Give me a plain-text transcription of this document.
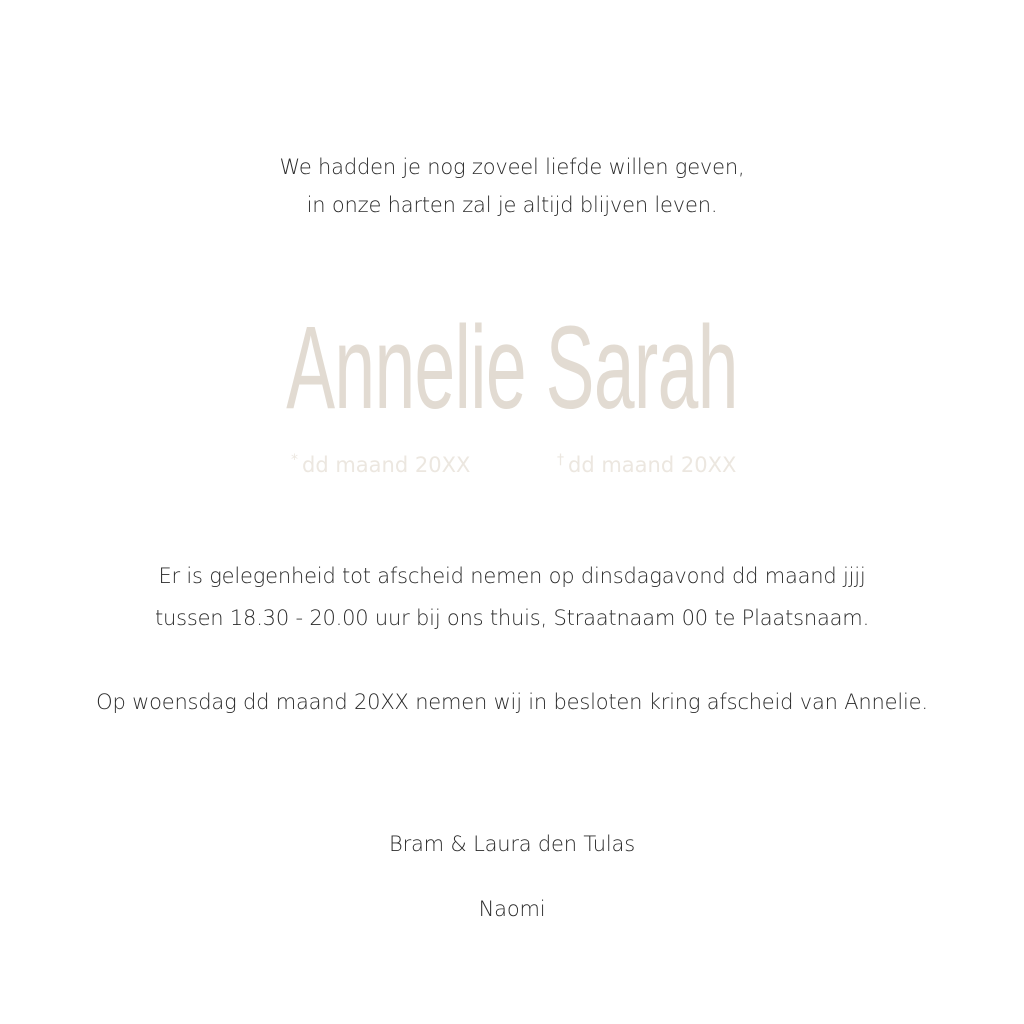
We hadden je nog zoveel liefde willen geven,
in onze harten zal je altijd blijven leven.
Annelie Sarah
* dd maand 20XX	† dd maand 20XX
Er is gelegenheid tot afscheid nemen op dinsdagavond dd maand jjjj
tussen 18.30 - 20.00 uur bij ons thuis, Straatnaam 00 te Plaatsnaam.
Op woensdag dd maand 20XX nemen wij in besloten kring afscheid van Annelie.
Bram & Laura den Tulas
Naomi
